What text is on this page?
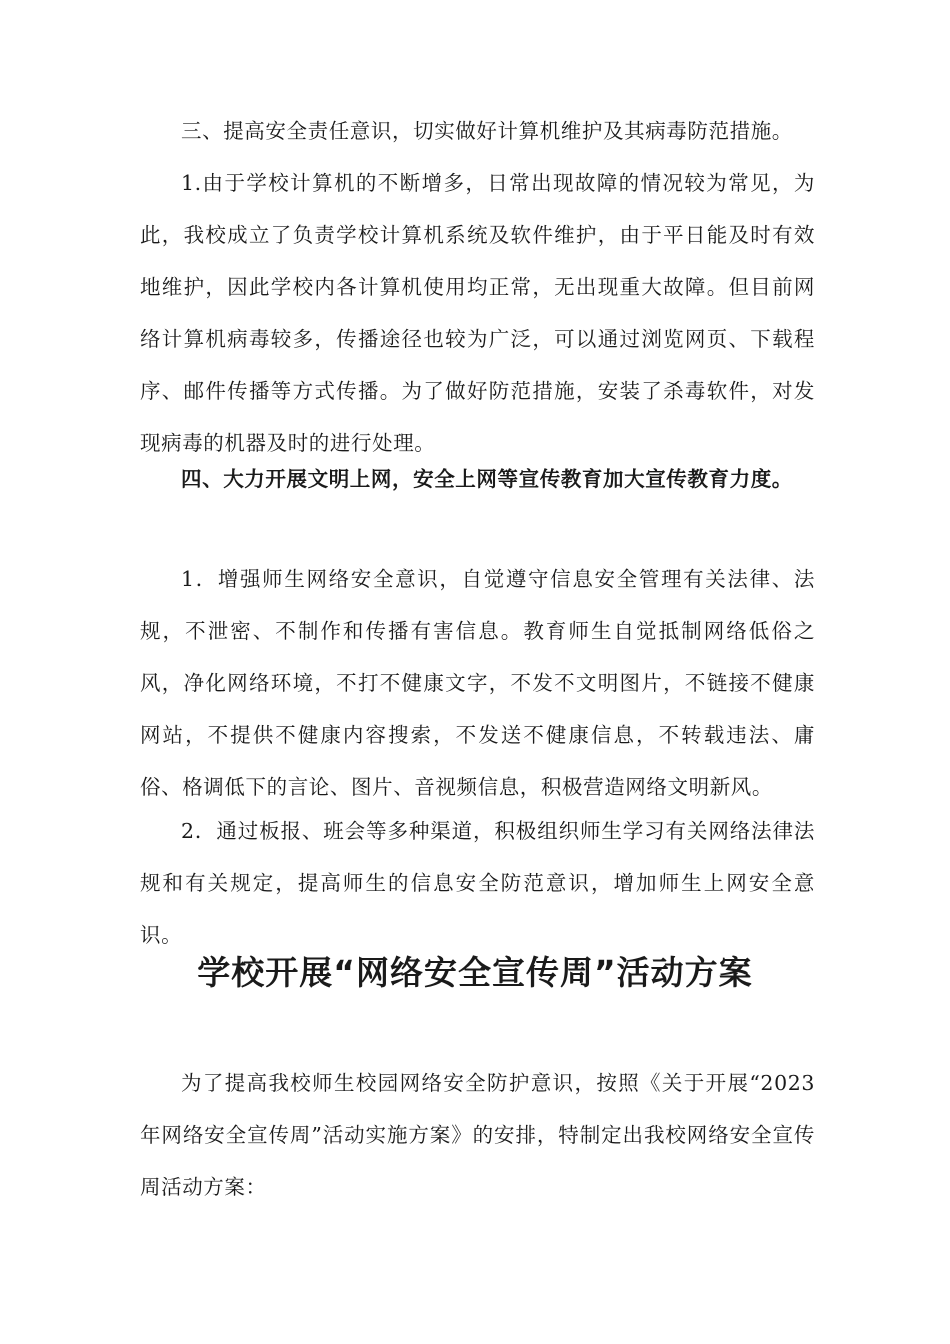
三、提高安全责任意识，切实做好计算机维护及其病毒防范措施。

1.由于学校计算机的不断增多，日常出现故障的情况较为常见，为此，我校成立了负责学校计算机系统及软件维护，由于平日能及时有效地维护，因此学校内各计算机使用均正常，无出现重大故障。但目前网络计算机病毒较多，传播途径也较为广泛，可以通过浏览网页、下载程序、邮件传播等方式传播。为了做好防范措施，安装了杀毒软件，对发现病毒的机器及时的进行处理。

四、大力开展文明上网，安全上网等宣传教育加大宣传教育力度。

1．增强师生网络安全意识，自觉遵守信息安全管理有关法律、法规，不泄密、不制作和传播有害信息。教育师生自觉抵制网络低俗之风，净化网络环境，不打不健康文字，不发不文明图片，不链接不健康网站，不提供不健康内容搜索，不发送不健康信息，不转载违法、庸俗、格调低下的言论、图片、音视频信息，积极营造网络文明新风。

2．通过板报、班会等多种渠道，积极组织师生学习有关网络法律法规和有关规定，提高师生的信息安全防范意识，增加师生上网安全意识。

学校开展“网络安全宣传周”活动方案

为了提高我校师生校园网络安全防护意识，按照《关于开展“2023年网络安全宣传周”活动实施方案》的安排，特制定出我校网络安全宣传周活动方案：
